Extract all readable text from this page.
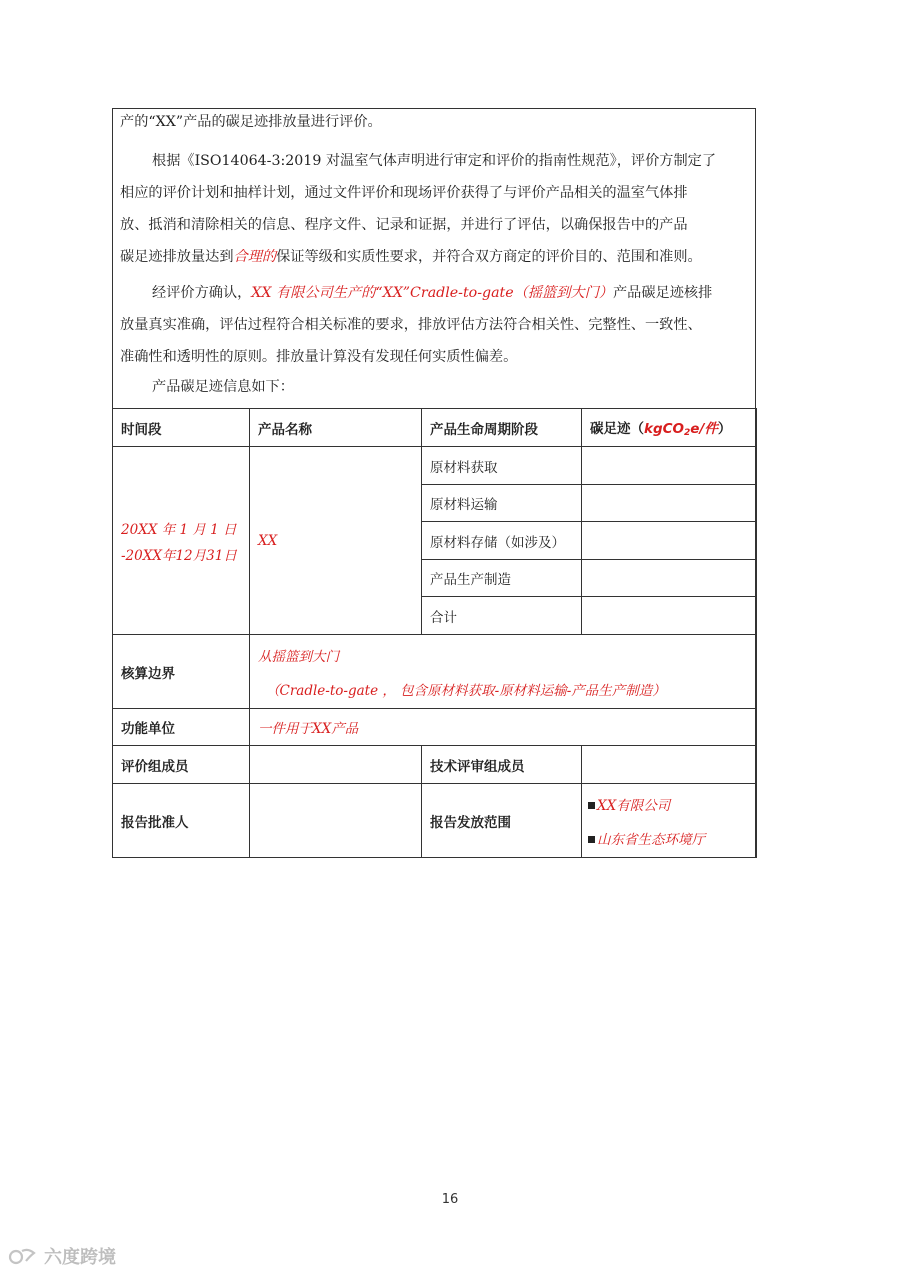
产的“XX”产品的碳足迹排放量进行评价。

根据《ISO14064-3:2019 对温室气体声明进行审定和评价的指南性规范》，评价方制定了

相应的评价计划和抽样计划，通过文件评价和现场评价获得了与评价产品相关的温室气体排

放、抵消和清除相关的信息、程序文件、记录和证据，并进行了评估，以确保报告中的产品

碳足迹排放量达到合理的保证等级和实质性要求，并符合双方商定的评价目的、范围和准则。

经评价方确认，XX 有限公司生产的“XX”Cradle-to-gate（摇篮到大门）产品碳足迹核排

放量真实准确，评估过程符合相关标准的要求，排放评估方法符合相关性、完整性、一致性、

准确性和透明性的原则。排放量计算没有发现任何实质性偏差。

产品碳足迹信息如下：

时间段	产品名称	产品生命周期阶段	碳足迹（kgCO$_2$e/件）

20XX 年 1 月 1 日
-20XX年12月31日	XX	原材料获取	
		原材料运输	
		原材料存储（如涉及）	
		产品生产制造	
		合计	
核算边界	从摇篮到大门
（Cradle-to-gate ， 包含原材料获取-原材料运输-产品生产制造）		

功能单位	一件用于XX产品		
评价组成员		技术评审组成员	
报告批准人		报告发放范围	XX有限公司
山东省生态环境厅
16
六度跨境
